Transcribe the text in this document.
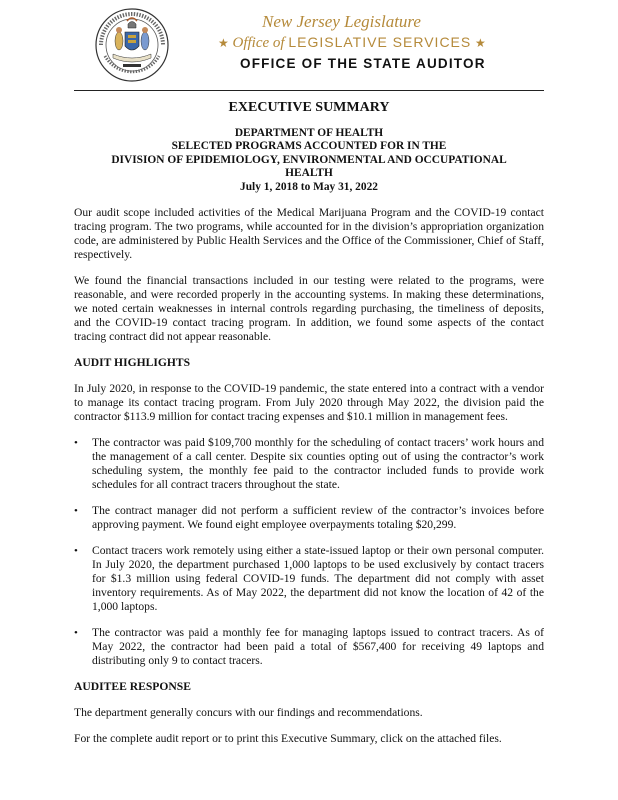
New Jersey Legislature
★ Office of LEGISLATIVE SERVICES ★
OFFICE OF THE STATE AUDITOR
EXECUTIVE SUMMARY
DEPARTMENT OF HEALTH
SELECTED PROGRAMS ACCOUNTED FOR IN THE
DIVISION OF EPIDEMIOLOGY, ENVIRONMENTAL AND OCCUPATIONAL
HEALTH
July 1, 2018 to May 31, 2022

Our audit scope included activities of the Medical Marijuana Program and the COVID-19 contact tracing program. The two programs, while accounted for in the division’s appropriation organization code, are administered by Public Health Services and the Office of the Commissioner, Chief of Staff, respectively.

We found the financial transactions included in our testing were related to the programs, were reasonable, and were recorded properly in the accounting systems. In making these determinations, we noted certain weaknesses in internal controls regarding purchasing, the timeliness of deposits, and the COVID-19 contact tracing program. In addition, we found some aspects of the contact tracing contract did not appear reasonable.

AUDIT HIGHLIGHTS

In July 2020, in response to the COVID-19 pandemic, the state entered into a contract with a vendor to manage its contact tracing program. From July 2020 through May 2022, the division paid the contractor $113.9 million for contact tracing expenses and $10.1 million in management fees.

• The contractor was paid $109,700 monthly for the scheduling of contact tracers’ work hours and the management of a call center. Despite six counties opting out of using the contractor’s work scheduling system, the monthly fee paid to the contractor included funds to provide work schedules for all contract tracers throughout the state.
• The contract manager did not perform a sufficient review of the contractor’s invoices before approving payment. We found eight employee overpayments totaling $20,299.
• Contact tracers work remotely using either a state-issued laptop or their own personal computer. In July 2020, the department purchased 1,000 laptops to be used exclusively by contact tracers for $1.3 million using federal COVID-19 funds. The department did not comply with asset inventory requirements. As of May 2022, the department did not know the location of 42 of the 1,000 laptops.
• The contractor was paid a monthly fee for managing laptops issued to contract tracers. As of May 2022, the contractor had been paid a total of $567,400 for receiving 49 laptops and distributing only 9 to contact tracers.
AUDITEE RESPONSE

The department generally concurs with our findings and recommendations.

For the complete audit report or to print this Executive Summary, click on the attached files.
